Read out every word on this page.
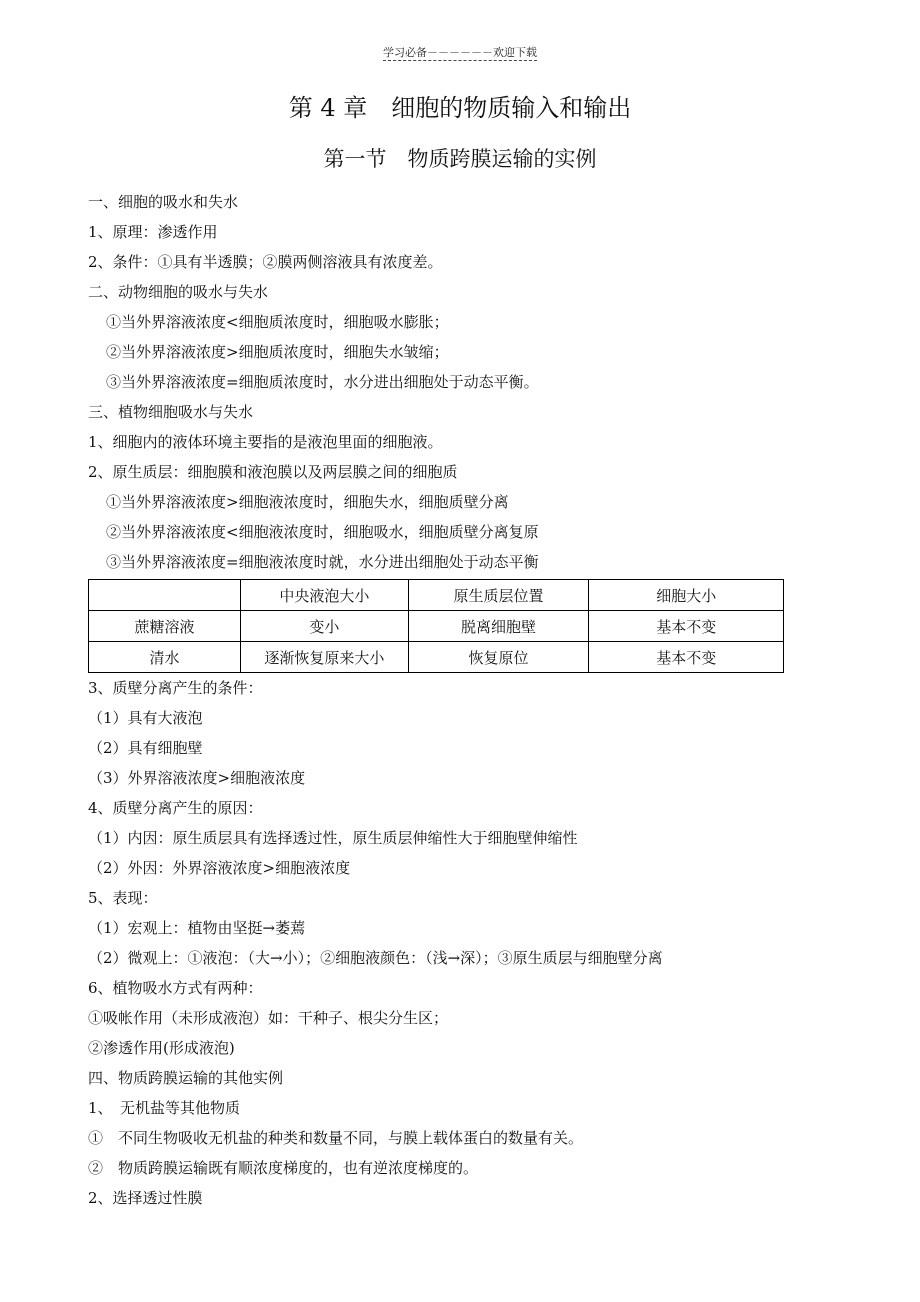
学习必备－－－－－－欢迎下载
第 4 章　细胞的物质输入和输出
第一节　物质跨膜运输的实例
一、细胞的吸水和失水
1、原理：渗透作用
2、条件：①具有半透膜；②膜两侧溶液具有浓度差。
二、动物细胞的吸水与失水
①当外界溶液浓度<细胞质浓度时，细胞吸水膨胀；
②当外界溶液浓度>细胞质浓度时，细胞失水皱缩；
③当外界溶液浓度=细胞质浓度时，水分进出细胞处于动态平衡。
三、植物细胞吸水与失水
1、细胞内的液体环境主要指的是液泡里面的细胞液。
2、原生质层：细胞膜和液泡膜以及两层膜之间的细胞质
①当外界溶液浓度>细胞液浓度时，细胞失水，细胞质壁分离
②当外界溶液浓度<细胞液浓度时，细胞吸水，细胞质壁分离复原
③当外界溶液浓度=细胞液浓度时就，水分进出细胞处于动态平衡
	中央液泡大小	原生质层位置	细胞大小
蔗糖溶液	变小	脱离细胞壁	基本不变
清水	逐渐恢复原来大小	恢复原位	基本不变
3、质壁分离产生的条件：
（1）具有大液泡
（2）具有细胞壁
（3）外界溶液浓度>细胞液浓度
4、质壁分离产生的原因：
（1）内因：原生质层具有选择透过性，原生质层伸缩性大于细胞壁伸缩性
（2）外因：外界溶液浓度>细胞液浓度
5、表现：
（1）宏观上：植物由坚挺→萎蔫
（2）微观上：①液泡：（大→小）；②细胞液颜色：（浅→深）；③原生质层与细胞壁分离
6、植物吸水方式有两种：
①吸帐作用（未形成液泡）如：干种子、根尖分生区；
②渗透作用(形成液泡)
四、物质跨膜运输的其他实例
1、　无机盐等其他物质
①　不同生物吸收无机盐的种类和数量不同，与膜上载体蛋白的数量有关。
②　物质跨膜运输既有顺浓度梯度的，也有逆浓度梯度的。
2、选择透过性膜
